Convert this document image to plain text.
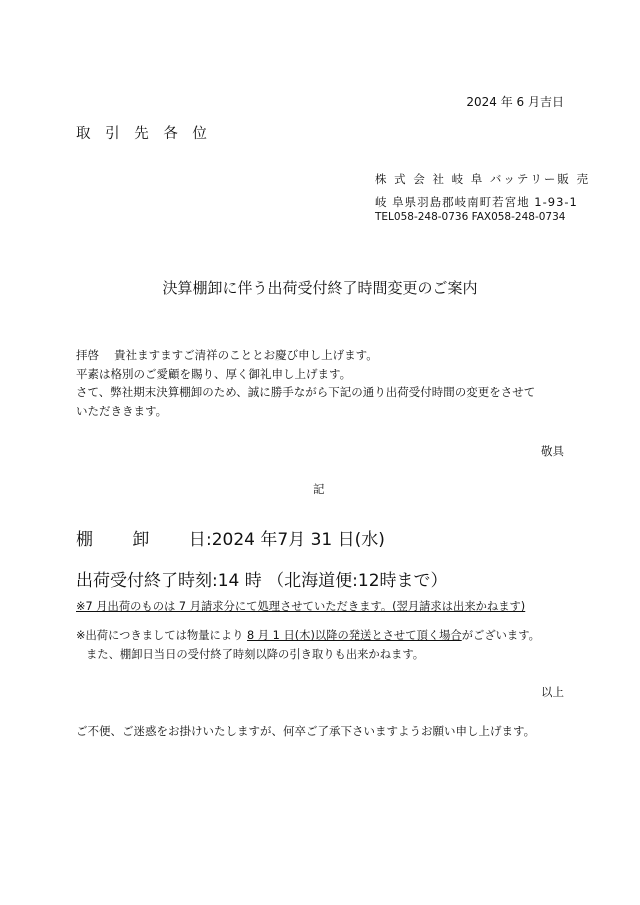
2024 年 6 月吉日
取 引 先 各 位
株 式 会 社 岐 阜 バッテリー販 売
岐 阜県羽島郡岐南町若宮地 1-93-1
TEL058-248-0736 FAX058-248-0734
決算棚卸に伴う出荷受付終了時間変更のご案内
拝啓　 貴社ますますご清祥のこととお慶び申し上げます。
平素は格別のご愛顧を賜り、厚く御礼申し上げます。
さて、弊社期末決算棚卸のため、誠に勝手ながら下記の通り出荷受付時間の変更をさせて
いただききます。
敬具
記
棚　　 卸　　 日:2024 年7月 31 日(水)
出荷受付終了時刻:14 時 （北海道便:12時まで）
※7 月出荷のものは 7 月請求分にて処理させていただきます。(翌月請求は出来かねます)
※出荷につきましては物量により 8 月 1 日(木)以降の発送とさせて頂く場合がございます。
また、棚卸日当日の受付終了時刻以降の引き取りも出来かねます。
以上
ご不便、ご迷惑をお掛けいたしますが、何卒ご了承下さいますようお願い申し上げます。
